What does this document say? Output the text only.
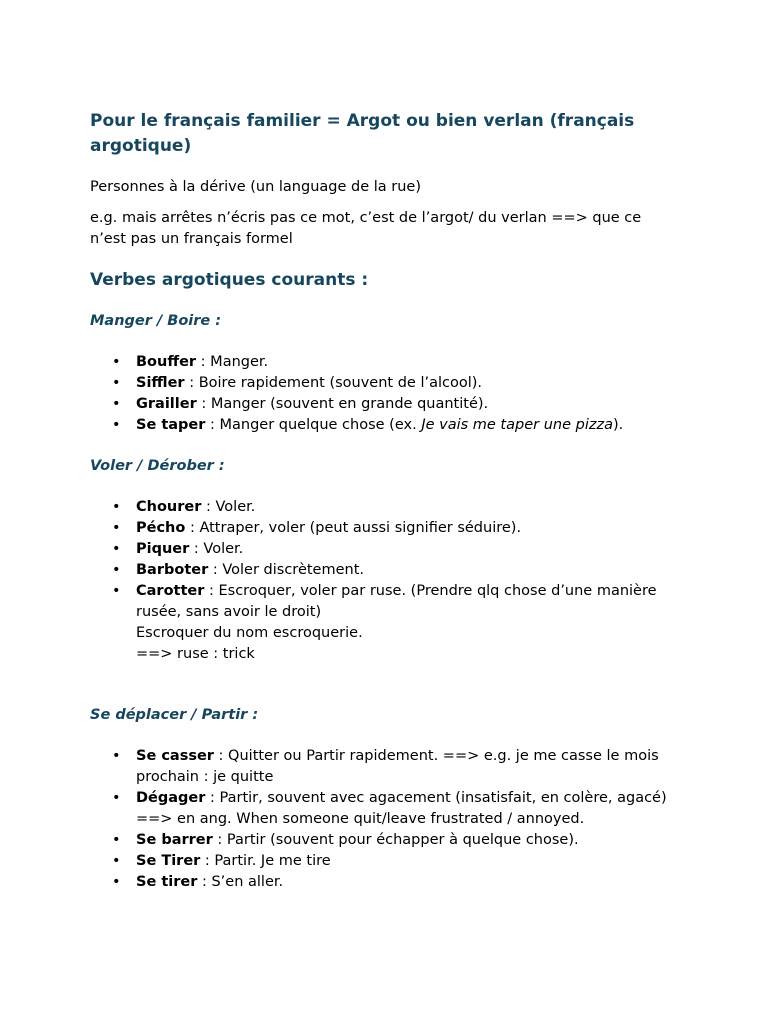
Pour le français familier = Argot ou bien verlan (français argotique)

Personnes à la dérive (un language de la rue)

e.g. mais arrêtes n’écris pas ce mot, c’est de l’argot/ du verlan ==> que ce n’est pas un français formel

Verbes argotiques courants :
Manger / Boire :
• Bouffer : Manger.
• Siffler : Boire rapidement (souvent de l’alcool).
• Grailler : Manger (souvent en grande quantité).
• Se taper : Manger quelque chose (ex. Je vais me taper une pizza).
Voler / Dérober :
• Chourer : Voler.
• Pécho : Attraper, voler (peut aussi signifier séduire).
• Piquer : Voler.
• Barboter : Voler discrètement.
• Carotter : Escroquer, voler par ruse. (Prendre qlq chose d’une manière rusée, sans avoir le droit)
Escroquer du nom escroquerie.
==> ruse : trick
Se déplacer / Partir :
• Se casser : Quitter ou Partir rapidement. ==> e.g. je me casse le mois prochain : je quitte
• Dégager : Partir, souvent avec agacement (insatisfait, en colère, agacé) ==> en ang. When someone quit/leave frustrated / annoyed.
• Se barrer : Partir (souvent pour échapper à quelque chose).
• Se Tirer : Partir. Je me tire
• Se tirer : S’en aller.
